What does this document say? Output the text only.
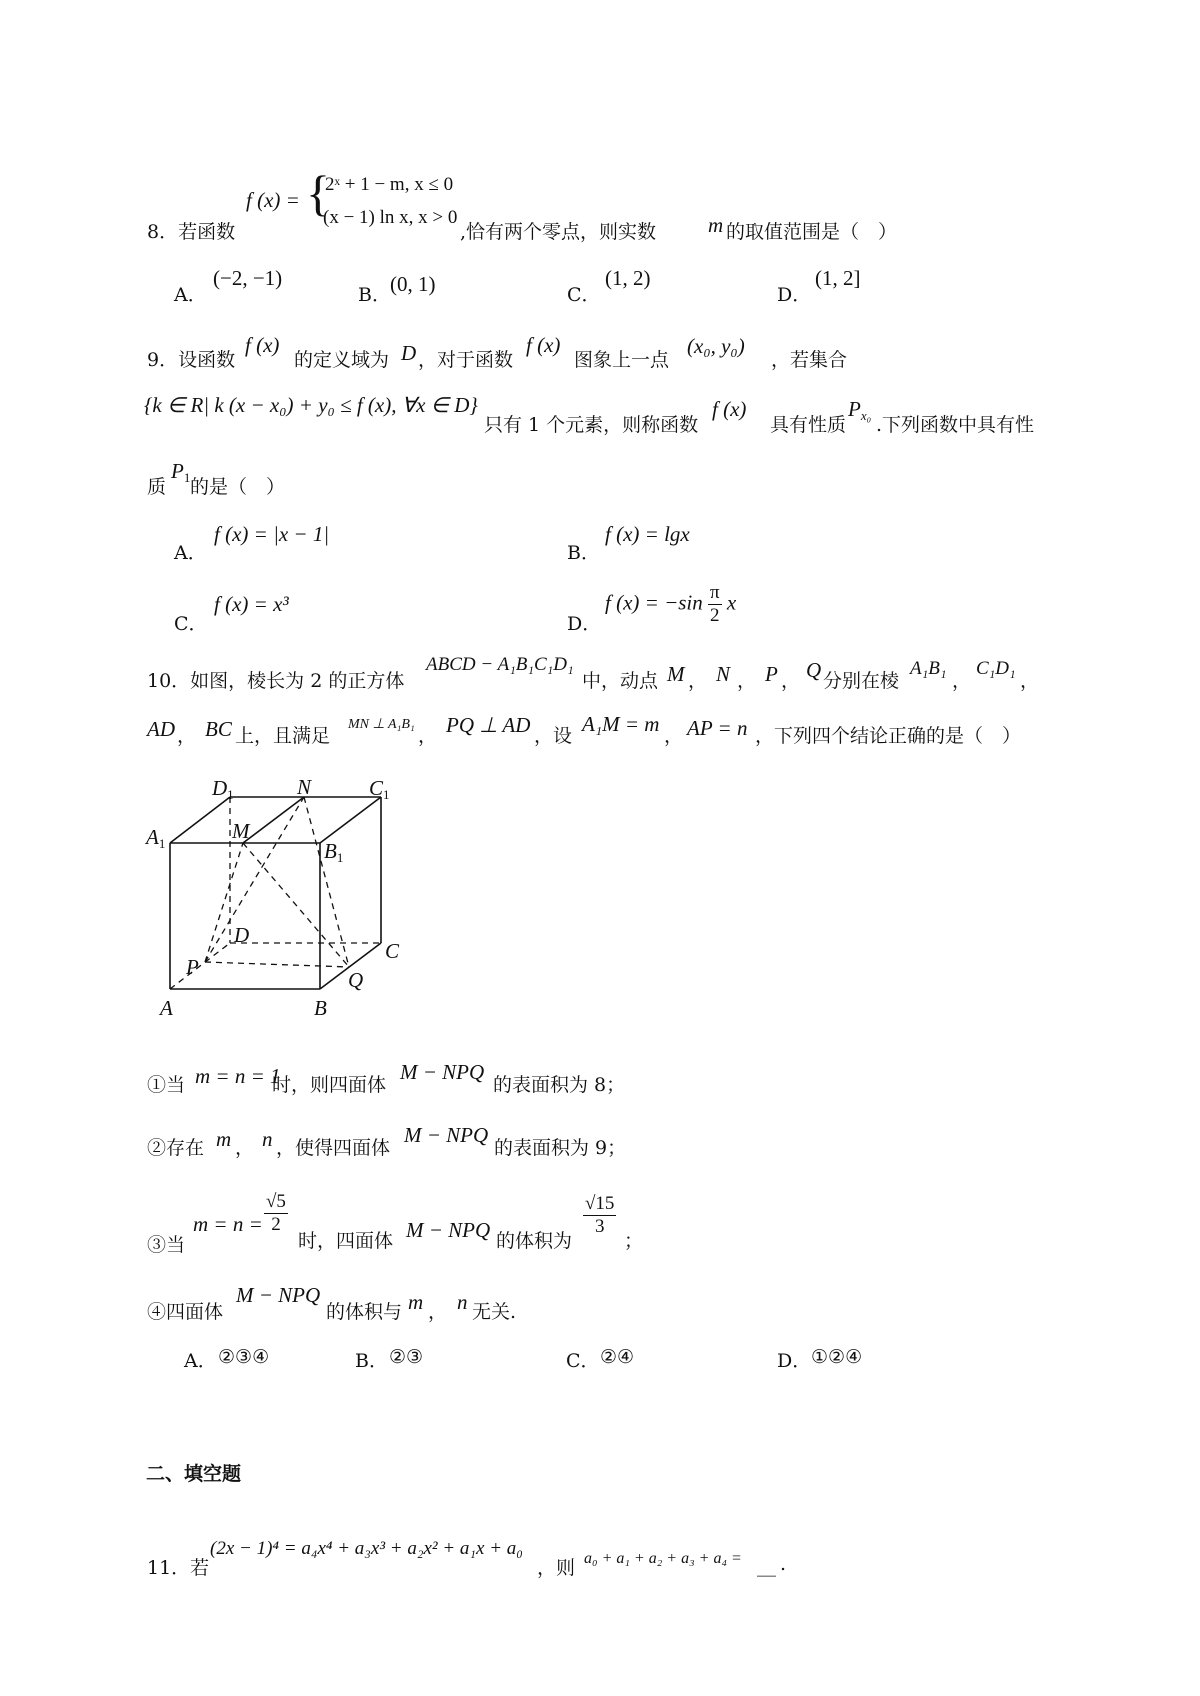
8．若函数
f (x) = {
2ˣ + 1 − m, x ≤ 0
(x − 1) ln x, x > 0
,恰有两个零点，则实数 m 的取值范围是（　）
A．
(−2, −1)
B． (0, 1)	C．
(1, 2)
D．
(1, 2]
9．设函数
f (x)
的定义域为 D ，对于函数
f (x)
图象上一点
(x₀, y₀)
，若集合
{k ∈ R| k (x − x₀) + y₀ ≤ f (x), ∀x ∈ D}
只有 1 个元素，则称函数
f (x)
具有性质
$P_{x_0}$ .下列函数中具有性
质
$P_1$ 的是（　）
A．
f (x) = |x − 1|
B．
f (x) = lgx
C．
f (x) = x³
D．
f $(x) = -\sin \frac{\pi}{2}$ x
10．如图，棱长为 2 的正方体
ABCD − A₁B₁C₁D₁
中，动点 M ， N ， P ， Q 分别在棱
A₁B₁
，
C₁D₁
，
AD ， BC 上，且满足
MN ⊥ A₁B₁
， PQ ⊥ AD ，设 A₁M = m ， AP = n ，下列四个结论正确的是（　）
D1	N	C1
A1
M
B1
D
C
P
Q
A	B
①当 m = n = 1
时，则四面体
M − NPQ
的表面积为 8；
②存在 m ， n ，使得四面体
M − NPQ
的表面积为 9；
③当
$m = n = \frac{√5}{2}$
时，四面体 M − NPQ 的体积为
$\frac{√15}{3}$
；
④四面体
M − NPQ
的体积与 m ， n 无关.
A． ②③④	B． ②③	C． ②④	D． ①②④
二、填空题
11．若
(2x − 1)⁴ = a₄x⁴ + a₃x³ + a₂x² + a₁x + a₀
，则 a₀ + a₁ + a₂ + a₃ + a₄ = ＿ .
